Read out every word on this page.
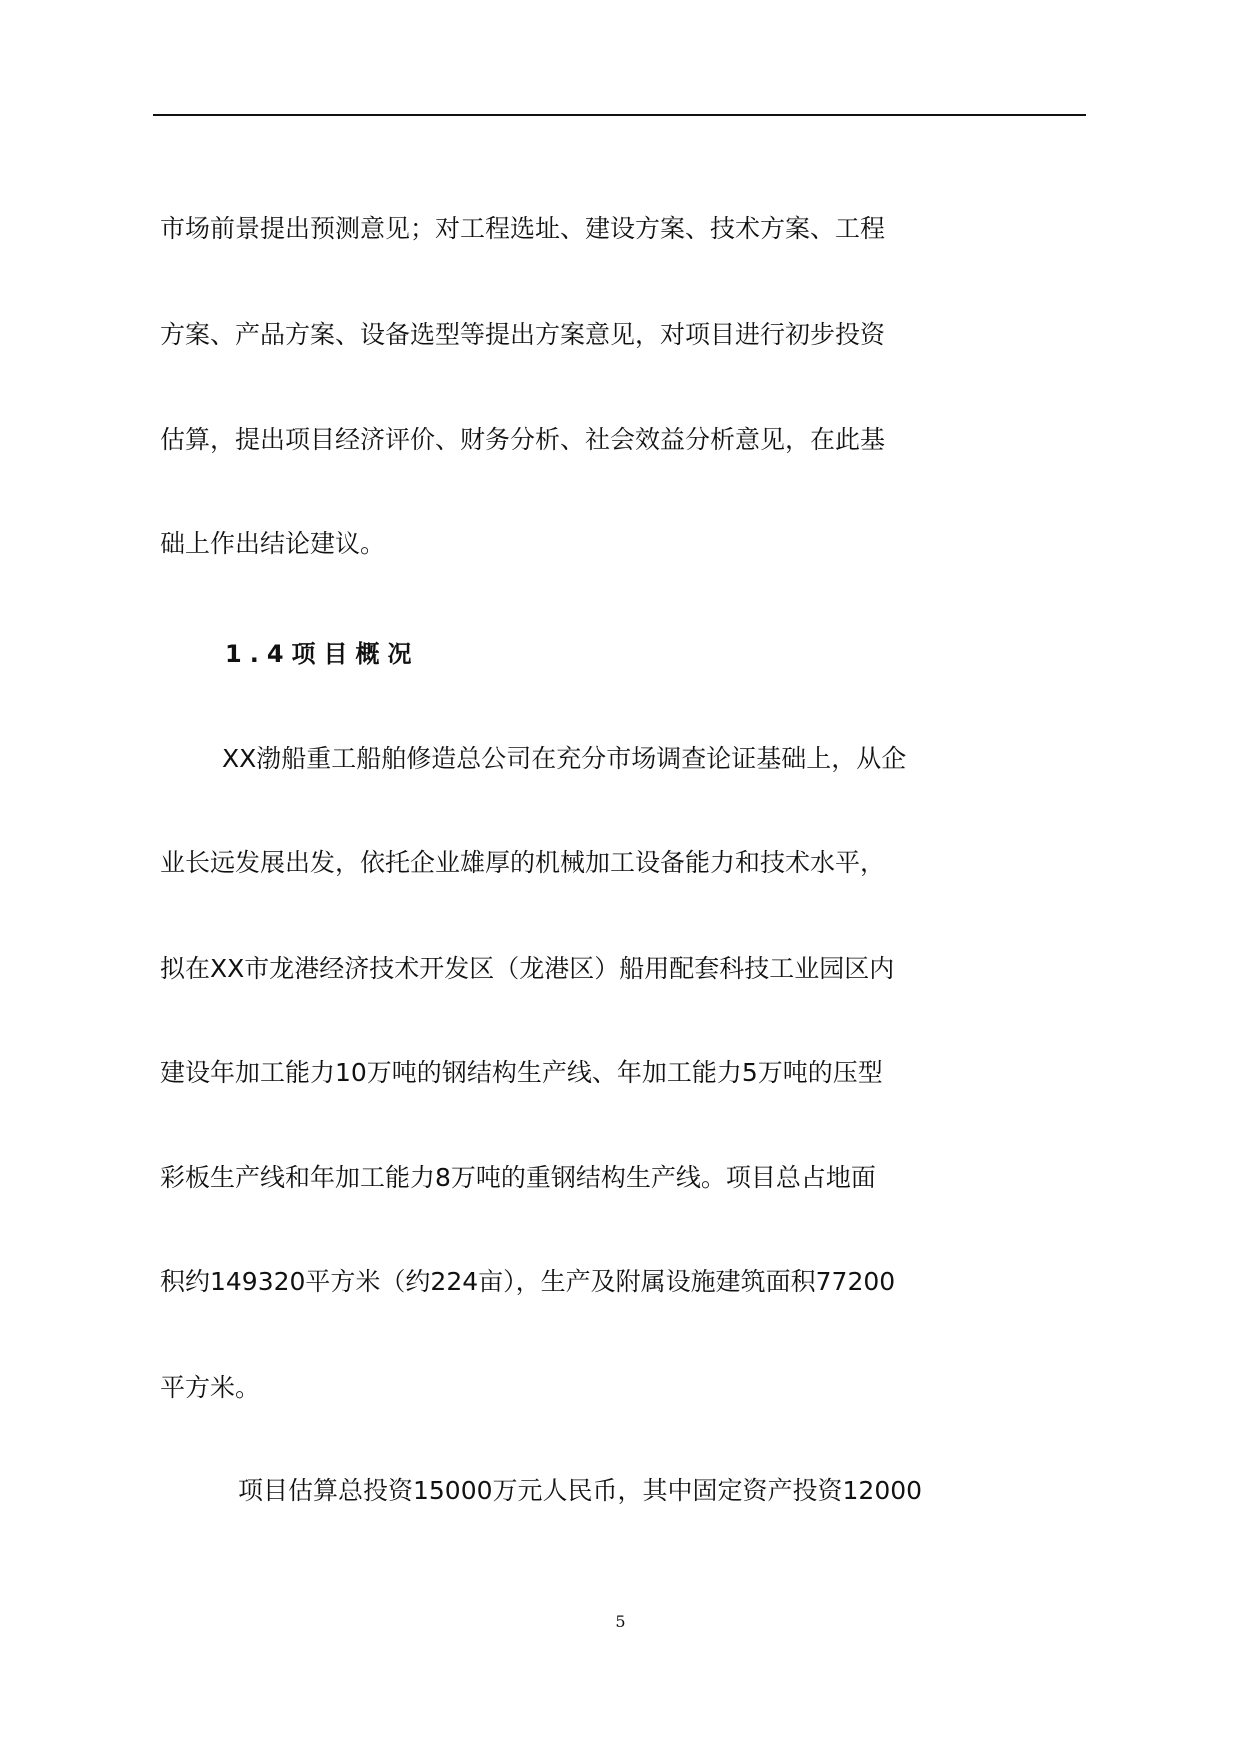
市场前景提出预测意见；对工程选址、建设方案、技术方案、工程
方案、产品方案、设备选型等提出方案意见，对项目进行初步投资
估算，提出项目经济评价、财务分析、社会效益分析意见，在此基
础上作出结论建议。
1.4项目概况
XX渤船重工船舶修造总公司在充分市场调查论证基础上，从企
业长远发展出发，依托企业雄厚的机械加工设备能力和技术水平，
拟在XX市龙港经济技术开发区（龙港区）船用配套科技工业园区内
建设年加工能力10万吨的钢结构生产线、年加工能力5万吨的压型
彩板生产线和年加工能力8万吨的重钢结构生产线。项目总占地面
积约149320平方米（约224亩），生产及附属设施建筑面积77200
平方米。
项目估算总投资15000万元人民币，其中固定资产投资12000
5
